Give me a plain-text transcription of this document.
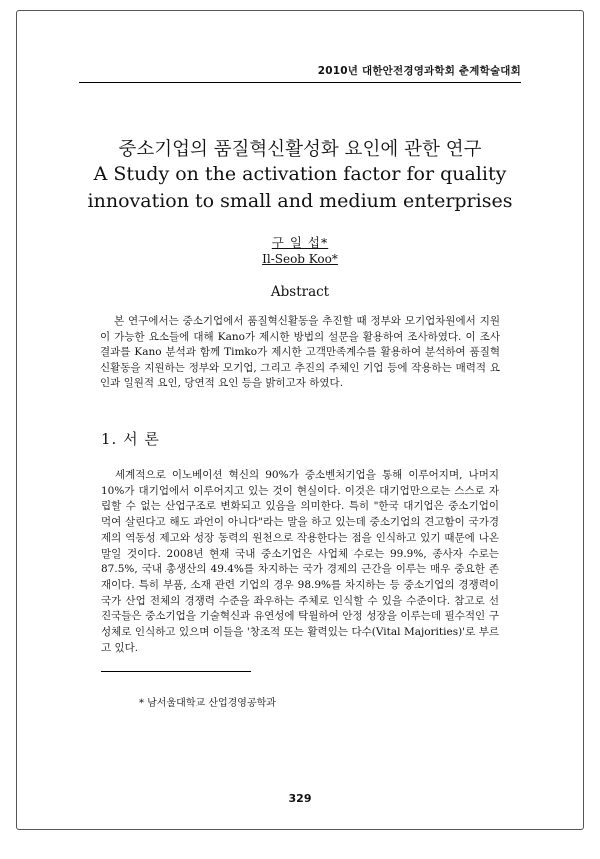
2010년 대한안전경영과학회 춘계학술대회
중소기업의 품질혁신활성화 요인에 관한 연구
A Study on the activation factor for quality
innovation to small and medium enterprises
구 일 섭*
Il-Seob Koo*
Abstract
본 연구에서는 중소기업에서 품질혁신활동을 추진할 때 정부와 모기업차원에서 지원이 가능한 요소들에 대해 Kano가 제시한 방법의 설문을 활용하여 조사하였다. 이 조사 결과를 Kano 분석과 함께 Timko가 제시한 고객만족계수를 활용하여 분석하여 품질혁신활동을 지원하는 정부와 모기업, 그리고 추진의 주체인 기업 등에 작용하는 매력적 요인과 일원적 요인, 당연적 요인 등을 밝히고자 하였다.
1. 서 론
세계적으로 이노베이션 혁신의 90%가 중소벤처기업을 통해 이루어지며, 나머지 10%가 대기업에서 이루어지고 있는 것이 현실이다. 이것은 대기업만으로는 스스로 자립할 수 없는 산업구조로 변화되고 있음을 의미한다. 특히 "한국 대기업은 중소기업이 먹여 살린다고 해도 과언이 아니다"라는 말을 하고 있는데 중소기업의 견고함이 국가경제의 역동성 제고와 성장 동력의 원천으로 작용한다는 점을 인식하고 있기 때문에 나온 말일 것이다. 2008년 현재 국내 중소기업은 사업체 수로는 99.9%, 종사자 수로는 87.5%, 국내 총생산의 49.4%를 차지하는 국가 경제의 근간을 이루는 매우 중요한 존재이다. 특히 부품, 소재 관련 기업의 경우 98.9%를 차지하는 등 중소기업의 경쟁력이 국가 산업 전체의 경쟁력 수준을 좌우하는 주체로 인식할 수 있을 수준이다. 참고로 선진국들은 중소기업을 기술혁신과 유연성에 탁월하여 안정 성장을 이루는데 필수적인 구성체로 인식하고 있으며 이들을 '창조적 또는 활력있는 다수(Vital Majorities)'로 부르고 있다.
* 남서울대학교 산업경영공학과
329
